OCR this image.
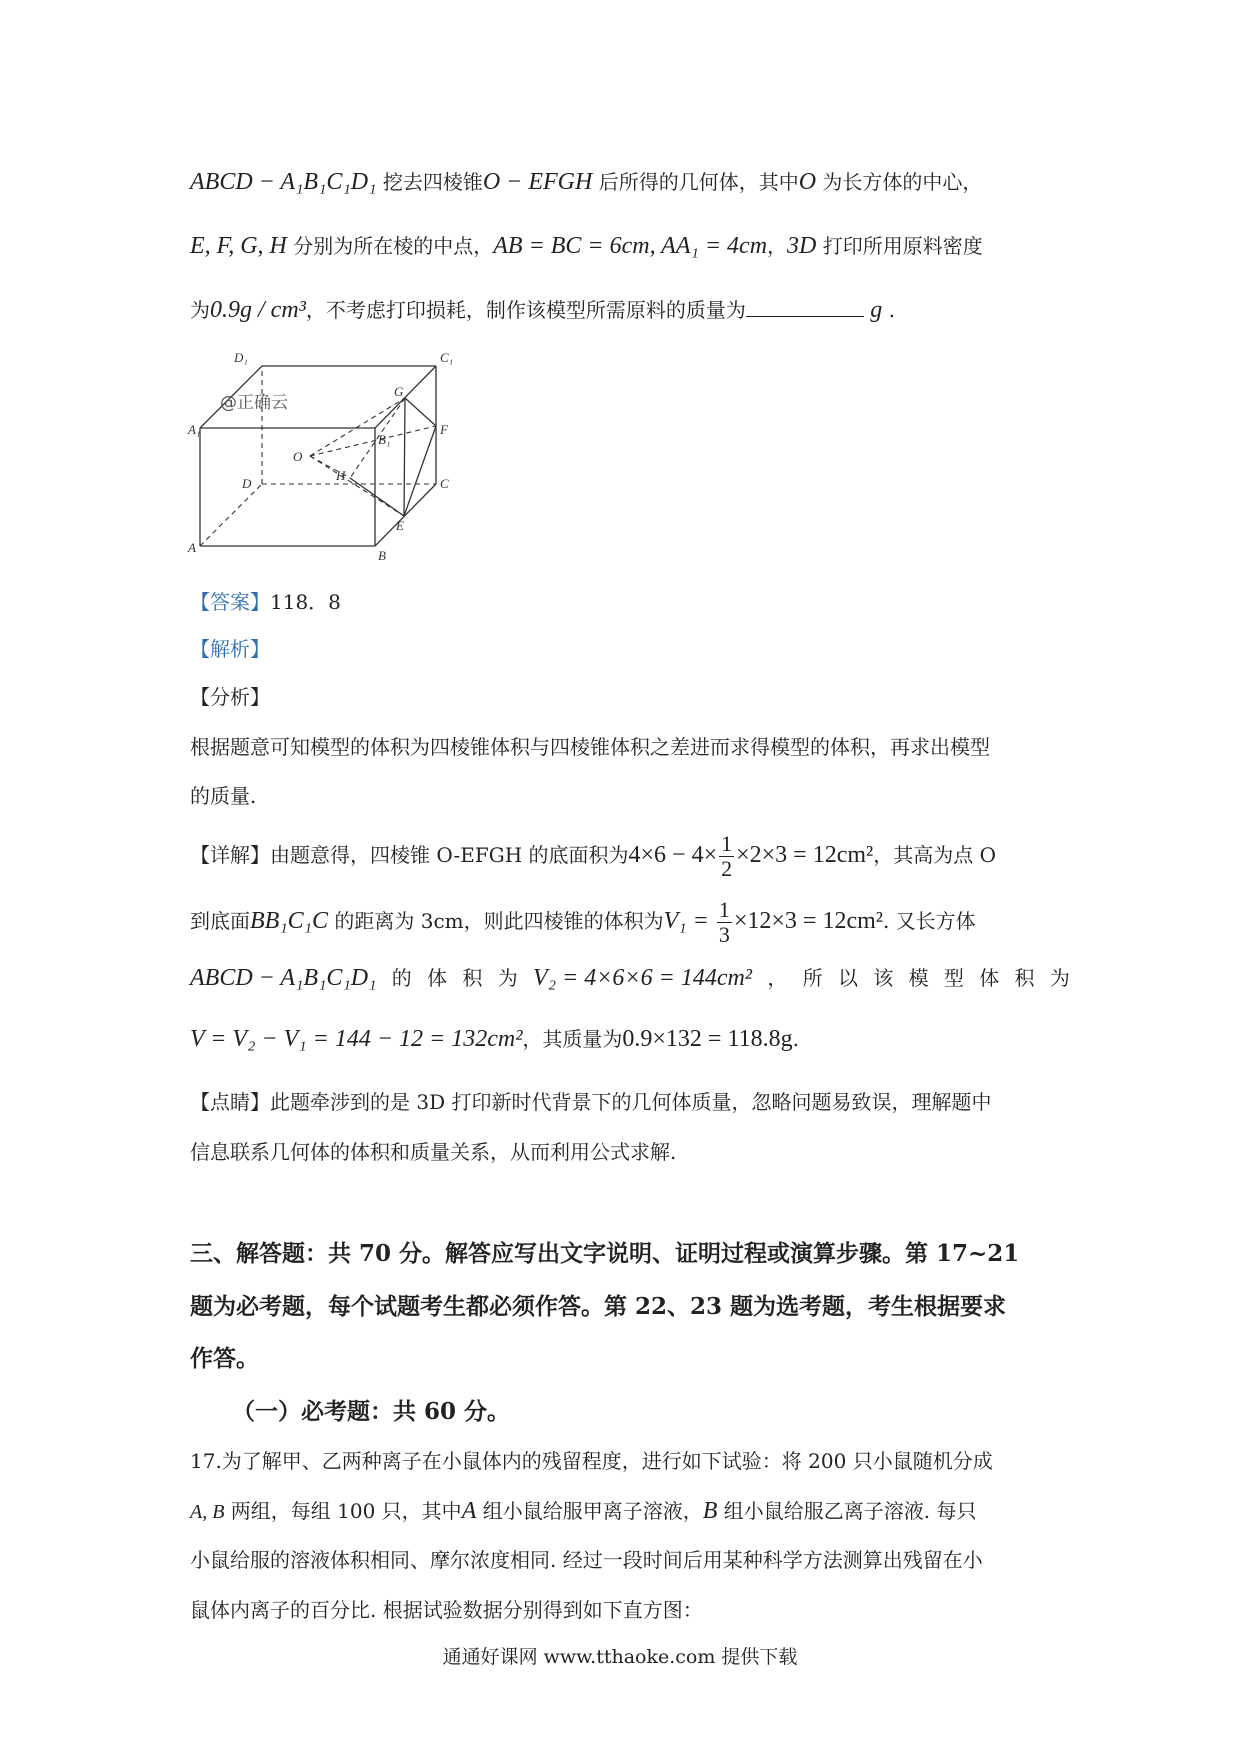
ABCD − A₁B₁C₁D₁ 挖去四棱锥O − EFGH 后所得的几何体，其中O 为长方体的中心，
E, F, G, H 分别为所在棱的中点，AB = BC = 6cm, AA₁ = 4cm，3D 打印所用原料密度
为0.9g / cm³，不考虑打印损耗，制作该模型所需原料的质量为	g .
D₁	C₁
A₁
B₁
G
F
O
D
H
C
E
A
B
@正确云
【答案】118．8
【解析】
【分析】
根据题意可知模型的体积为四棱锥体积与四棱锥体积之差进而求得模型的体积，再求出模型
的质量.
【详解】由题意得，四棱锥 O-EFGH 的底面积为$4\times 6 - 4\times \frac{1}{2} \times 2\times 3 = 12cm^2$，其高为点 O
到底面BB₁C₁C 的距离为 3cm，则此四棱锥的体积为$V_1 = \frac{1}{3} \times 12\times 3 = 12cm^2$. 又长方体
ABCD − A₁B₁C₁D₁ 的 体 积 为 V₂ = 4×6×6 = 144cm² ， 所 以 该 模 型 体 积 为
V = V₂ − V₁ = 144 − 12 = 132cm²，其质量为0.9×132 = 118.8g.
【点睛】此题牵涉到的是 3D 打印新时代背景下的几何体质量，忽略问题易致误，理解题中
信息联系几何体的体积和质量关系，从而利用公式求解.
三、解答题：共 70 分。解答应写出文字说明、证明过程或演算步骤。第 17~21
题为必考题，每个试题考生都必须作答。第 22、23 题为选考题，考生根据要求
作答。
（一）必考题：共 60 分。
17.为了解甲、乙两种离子在小鼠体内的残留程度，进行如下试验：将 200 只小鼠随机分成
A, B 两组，每组 100 只，其中A 组小鼠给服甲离子溶液，B 组小鼠给服乙离子溶液. 每只
小鼠给服的溶液体积相同、摩尔浓度相同. 经过一段时间后用某种科学方法测算出残留在小
鼠体内离子的百分比. 根据试验数据分别得到如下直方图：
通通好课网 www.tthaoke.com 提供下载
